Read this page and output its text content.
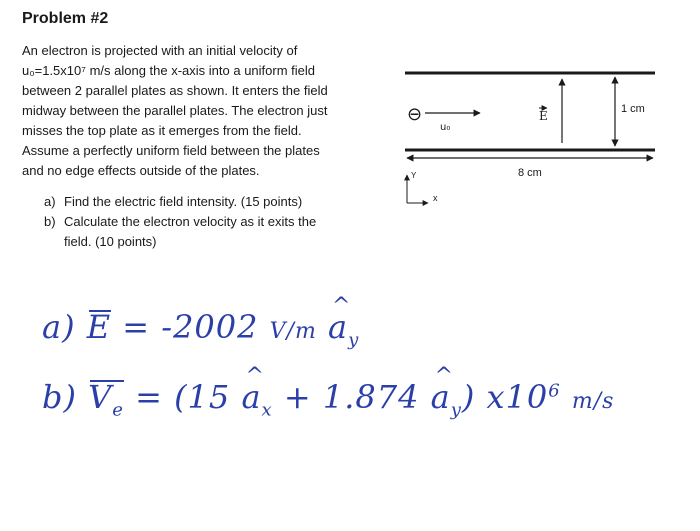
Problem #2
An electron is projected with an initial velocity of
u₀=1.5x10⁷ m/s along the x-axis into a uniform field
between 2 parallel plates as shown. It enters the field
midway between the parallel plates. The electron just
misses the top plate as it emerges from the field.
Assume a perfectly uniform field between the plates
and no edge effects outside of the plates.
a) Find the electric field intensity. (15 points)
b) Calculate the electron velocity as it exits the
field. (10 points)
⊖
u₀
E	1 cm
8 cm
Y
x
a) E = -2002 V/m ^ $a_y$
b) $V_e = (15$ ^ $a_x + 1.874$ ^ $a_y$) $x10^6$ m/s
